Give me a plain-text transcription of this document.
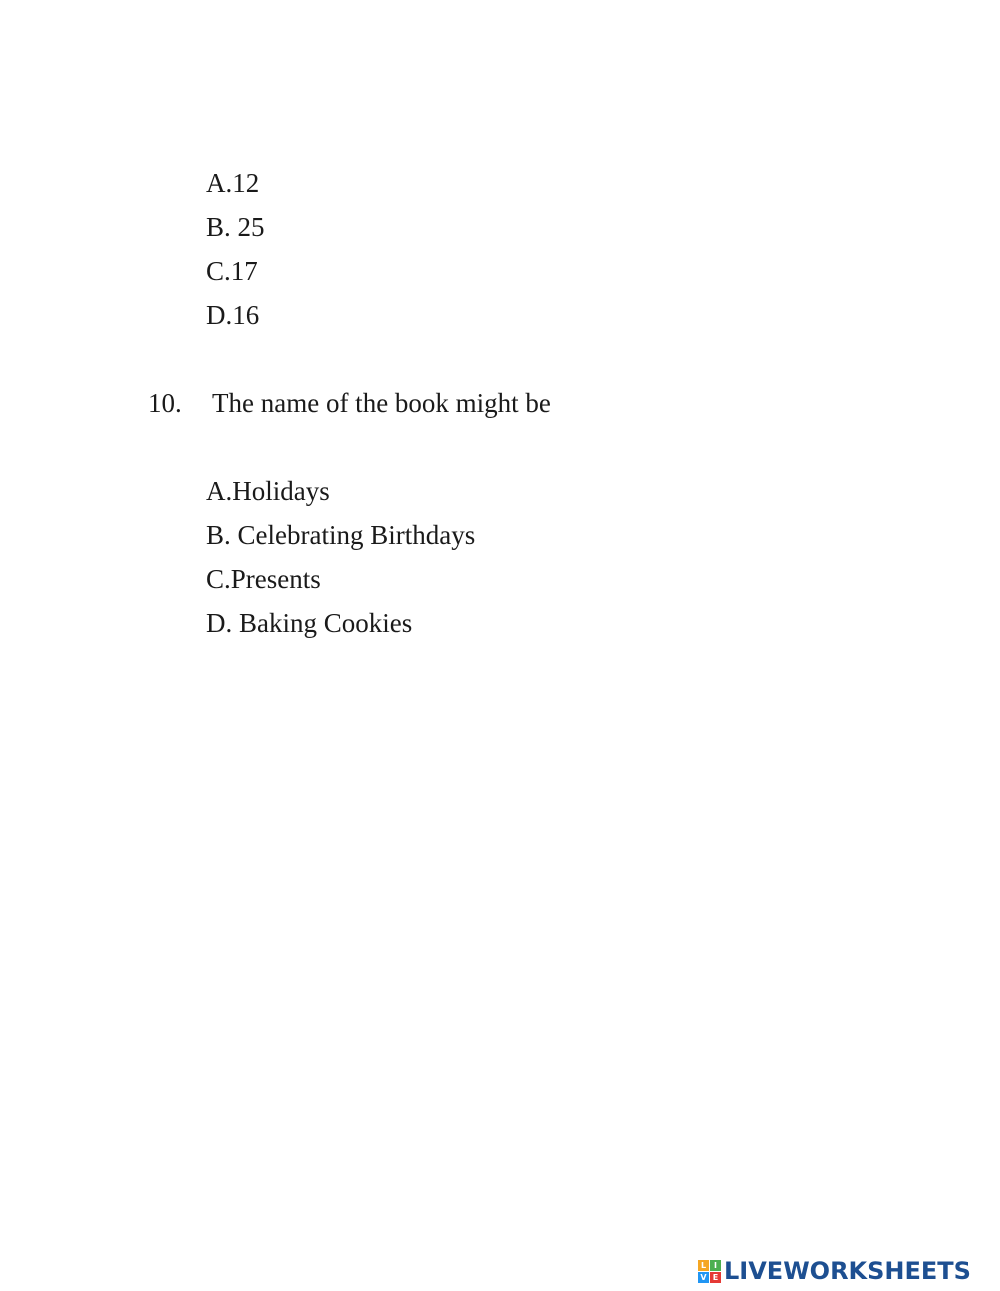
A.12
B. 25
C.17
D.16
10. The name of the book might be
A.Holidays
B. Celebrating Birthdays
C.Presents
D. Baking Cookies
L I
V E LIVEWORKSHEETS
